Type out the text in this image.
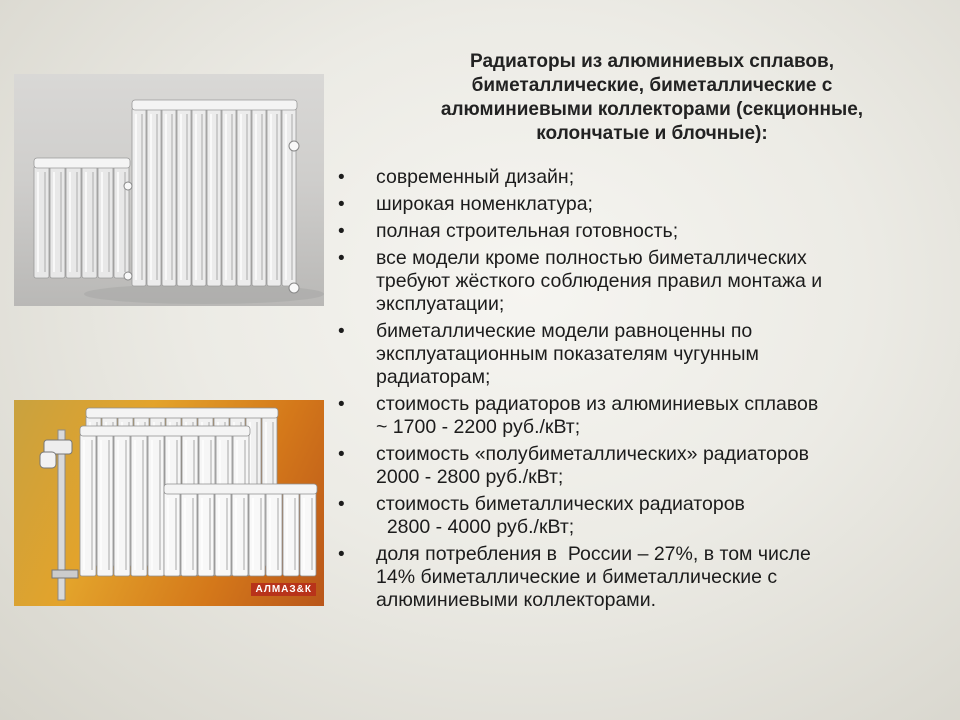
АЛМАЗ&К
Радиаторы из алюминиевых сплавов,
биметаллические, биметаллические с
алюминиевыми коллекторами (секционные,
колончатые и блочные):
• современный дизайн;
• широкая номенклатура;
• полная строительная готовность;
• все модели кроме полностью биметаллических
требуют жёсткого соблюдения правил монтажа и
эксплуатации;
• биметаллические модели равноценны по
эксплуатационным показателям чугунным
радиаторам;
• стоимость радиаторов из алюминиевых сплавов
~ 1700 - 2200 руб./кВт;
• стоимость «полубиметаллических» радиаторов
2000 - 2800 руб./кВт;
• стоимость биметаллических радиаторов
2800 - 4000 руб./кВт;
• доля потребления в  России – 27%, в том числе
14% биметаллические и биметаллические с
алюминиевыми коллекторами.
